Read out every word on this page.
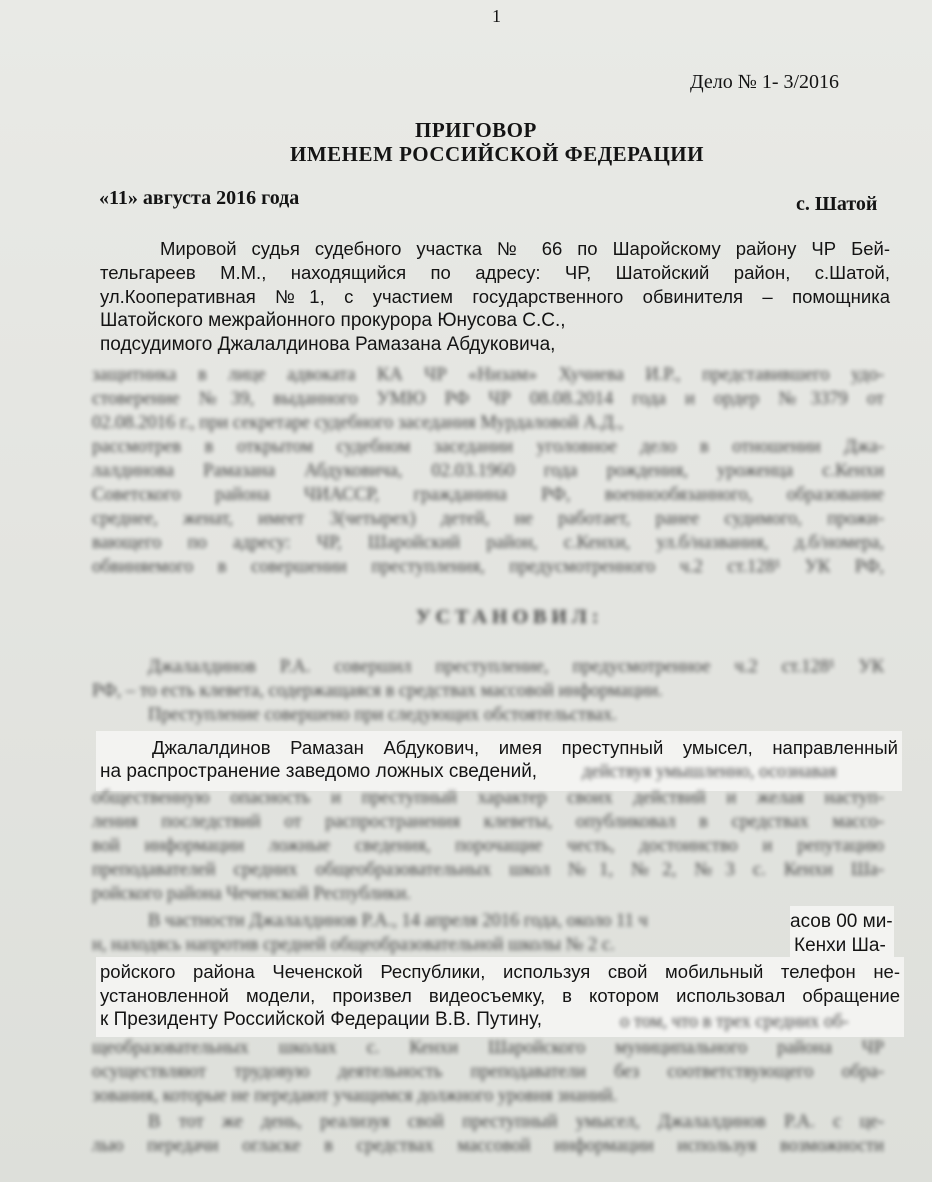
1
Дело № 1- 3/2016
ПРИГОВОР
ИМЕНЕМ РОССИЙСКОЙ ФЕДЕРАЦИИ
«11» августа 2016 года	с. Шатой
Мировой судья судебного участка № 66 по Шаройскому району ЧР Бей-
тельгареев М.М., находящийся по адресу: ЧР, Шатойский район, с.Шатой,
ул.Кооперативная №1, с участием государственного обвинителя – помощника
Шатойского межрайонного прокурора Юнусова С.С.,
подсудимого Джалалдинова Рамазана Абдуковича,
защитника в лице адвоката КА ЧР «Низам» Хучиева И.Р., представившего удо-
стоверение №39, выданного УМЮ РФ ЧР 08.08.2014 года и ордер №3379 от
02.08.2016 г., при секретаре судебного заседания Мурдаловой А.Д.,
рассмотрев в открытом судебном заседании уголовное дело в отношении Джа-
лалдинова Рамазана Абдуковича, 02.03.1960 года рождения, уроженца с.Кенхи
Советского района ЧИАССР, гражданина РФ, военнообязанного, образование
среднее, женат, имеет 3(четырех) детей, не работает, ранее судимого, прожи-
вающего по адресу: ЧР, Шаройский район, с.Кенхи, ул.б/названия, д.б/номера,
обвиняемого в совершении преступления, предусмотренного ч.2 ст.128¹ УК РФ,
УСТАНОВИЛ:
Джалалдинов Р.А. совершил преступление, предусмотренное ч.2 ст.128¹ УК
РФ, – то есть клевета, содержащаяся в средствах массовой информации.
Преступление совершено при следующих обстоятельствах.
Джалалдинов Рамазан Абдукович, имея преступный умысел, направленный
на распространение заведомо ложных сведений, действуя умышленно, осознавая
общественную опасность и преступный характер своих действий и желая наступ-
ления последствий от распространения клеветы, опубликовал в средствах массо-
вой информации ложные сведения, порочащие честь, достоинство и репутацию
преподавателей средних общеобразовательных школ №1, №2, №3 с. Кенхи Ша-
ройского района Чеченской Республики.
В частности Джалалдинов Р.А., 14 апреля 2016 года, около 11 ч	асов 00 ми-
н, находясь напротив средней общеобразовательной школы № 2 с.	Кенхи Ша-
ройского района Чеченской Республики, используя свой мобильный телефон не-
установленной модели, произвел видеосъемку, в котором использовал обращение
к Президенту Российской Федерации В.В. Путину,	о том, что в трех средних об-
щеобразовательных школах с. Кенхи Шаройского муниципального района ЧР
осуществляют трудовую деятельность преподаватели без соответствующего обра-
зования, которые не передают учащимся должного уровня знаний.
В тот же день, реализуя свой преступный умысел, Джалалдинов Р.А. с це-
лью передачи огласке в средствах массовой информации используя возможности
